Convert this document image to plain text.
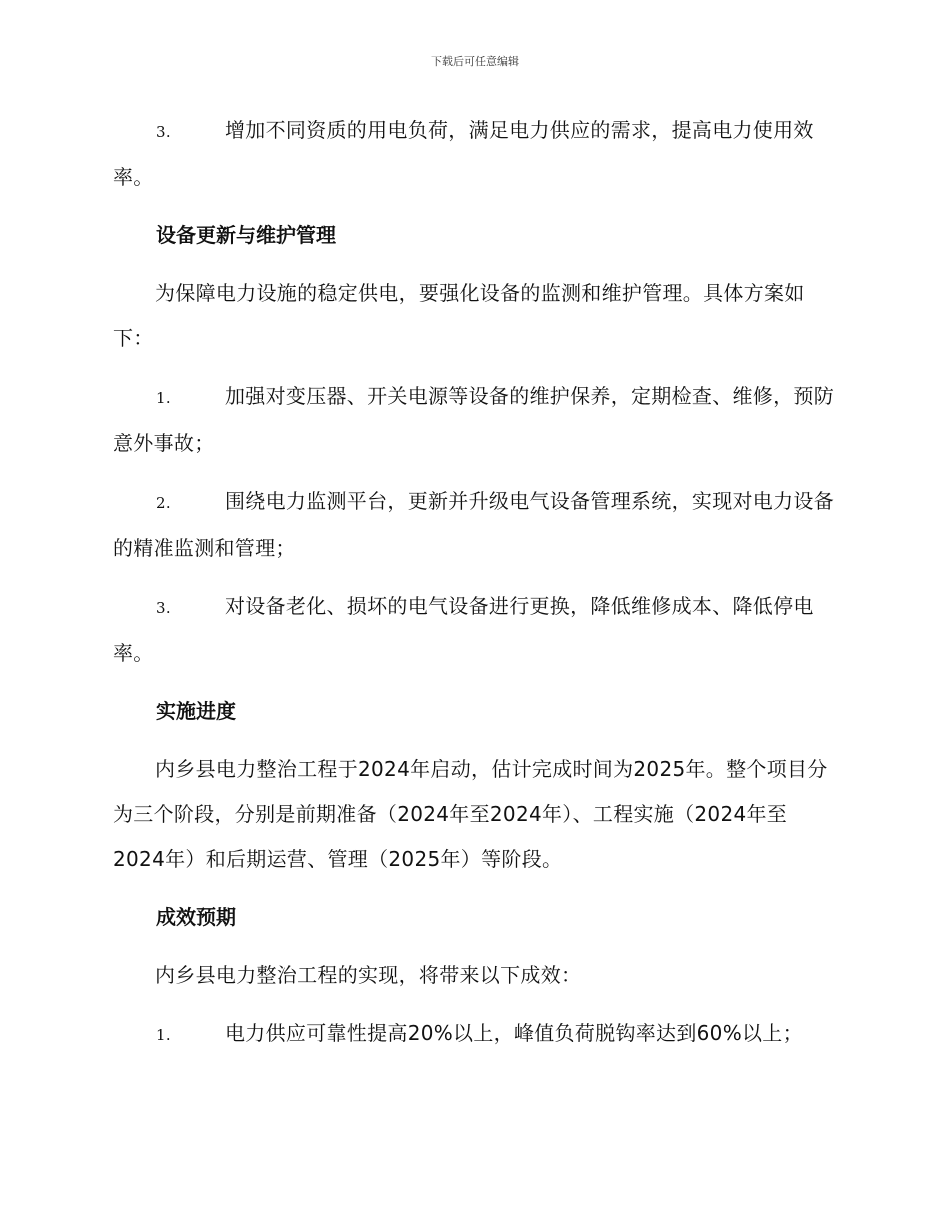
下载后可任意编辑
3.	增加不同资质的用电负荷，满足电力供应的需求，提高电力使用效率。
设备更新与维护管理
为保障电力设施的稳定供电，要强化设备的监测和维护管理。具体方案如下：
1.	加强对变压器、开关电源等设备的维护保养，定期检查、维修，预防意外事故；
2.	围绕电力监测平台，更新并升级电气设备管理系统，实现对电力设备的精准监测和管理；
3.	对设备老化、损坏的电气设备进行更换，降低维修成本、降低停电率。
实施进度
内乡县电力整治工程于2024年启动，估计完成时间为2025年。整个项目分为三个阶段，分别是前期准备（2024年至2024年）、工程实施（2024年至2024年）和后期运营、管理（2025年）等阶段。
成效预期
内乡县电力整治工程的实现，将带来以下成效：
1.	电力供应可靠性提高20%以上，峰值负荷脱钩率达到60%以上；
